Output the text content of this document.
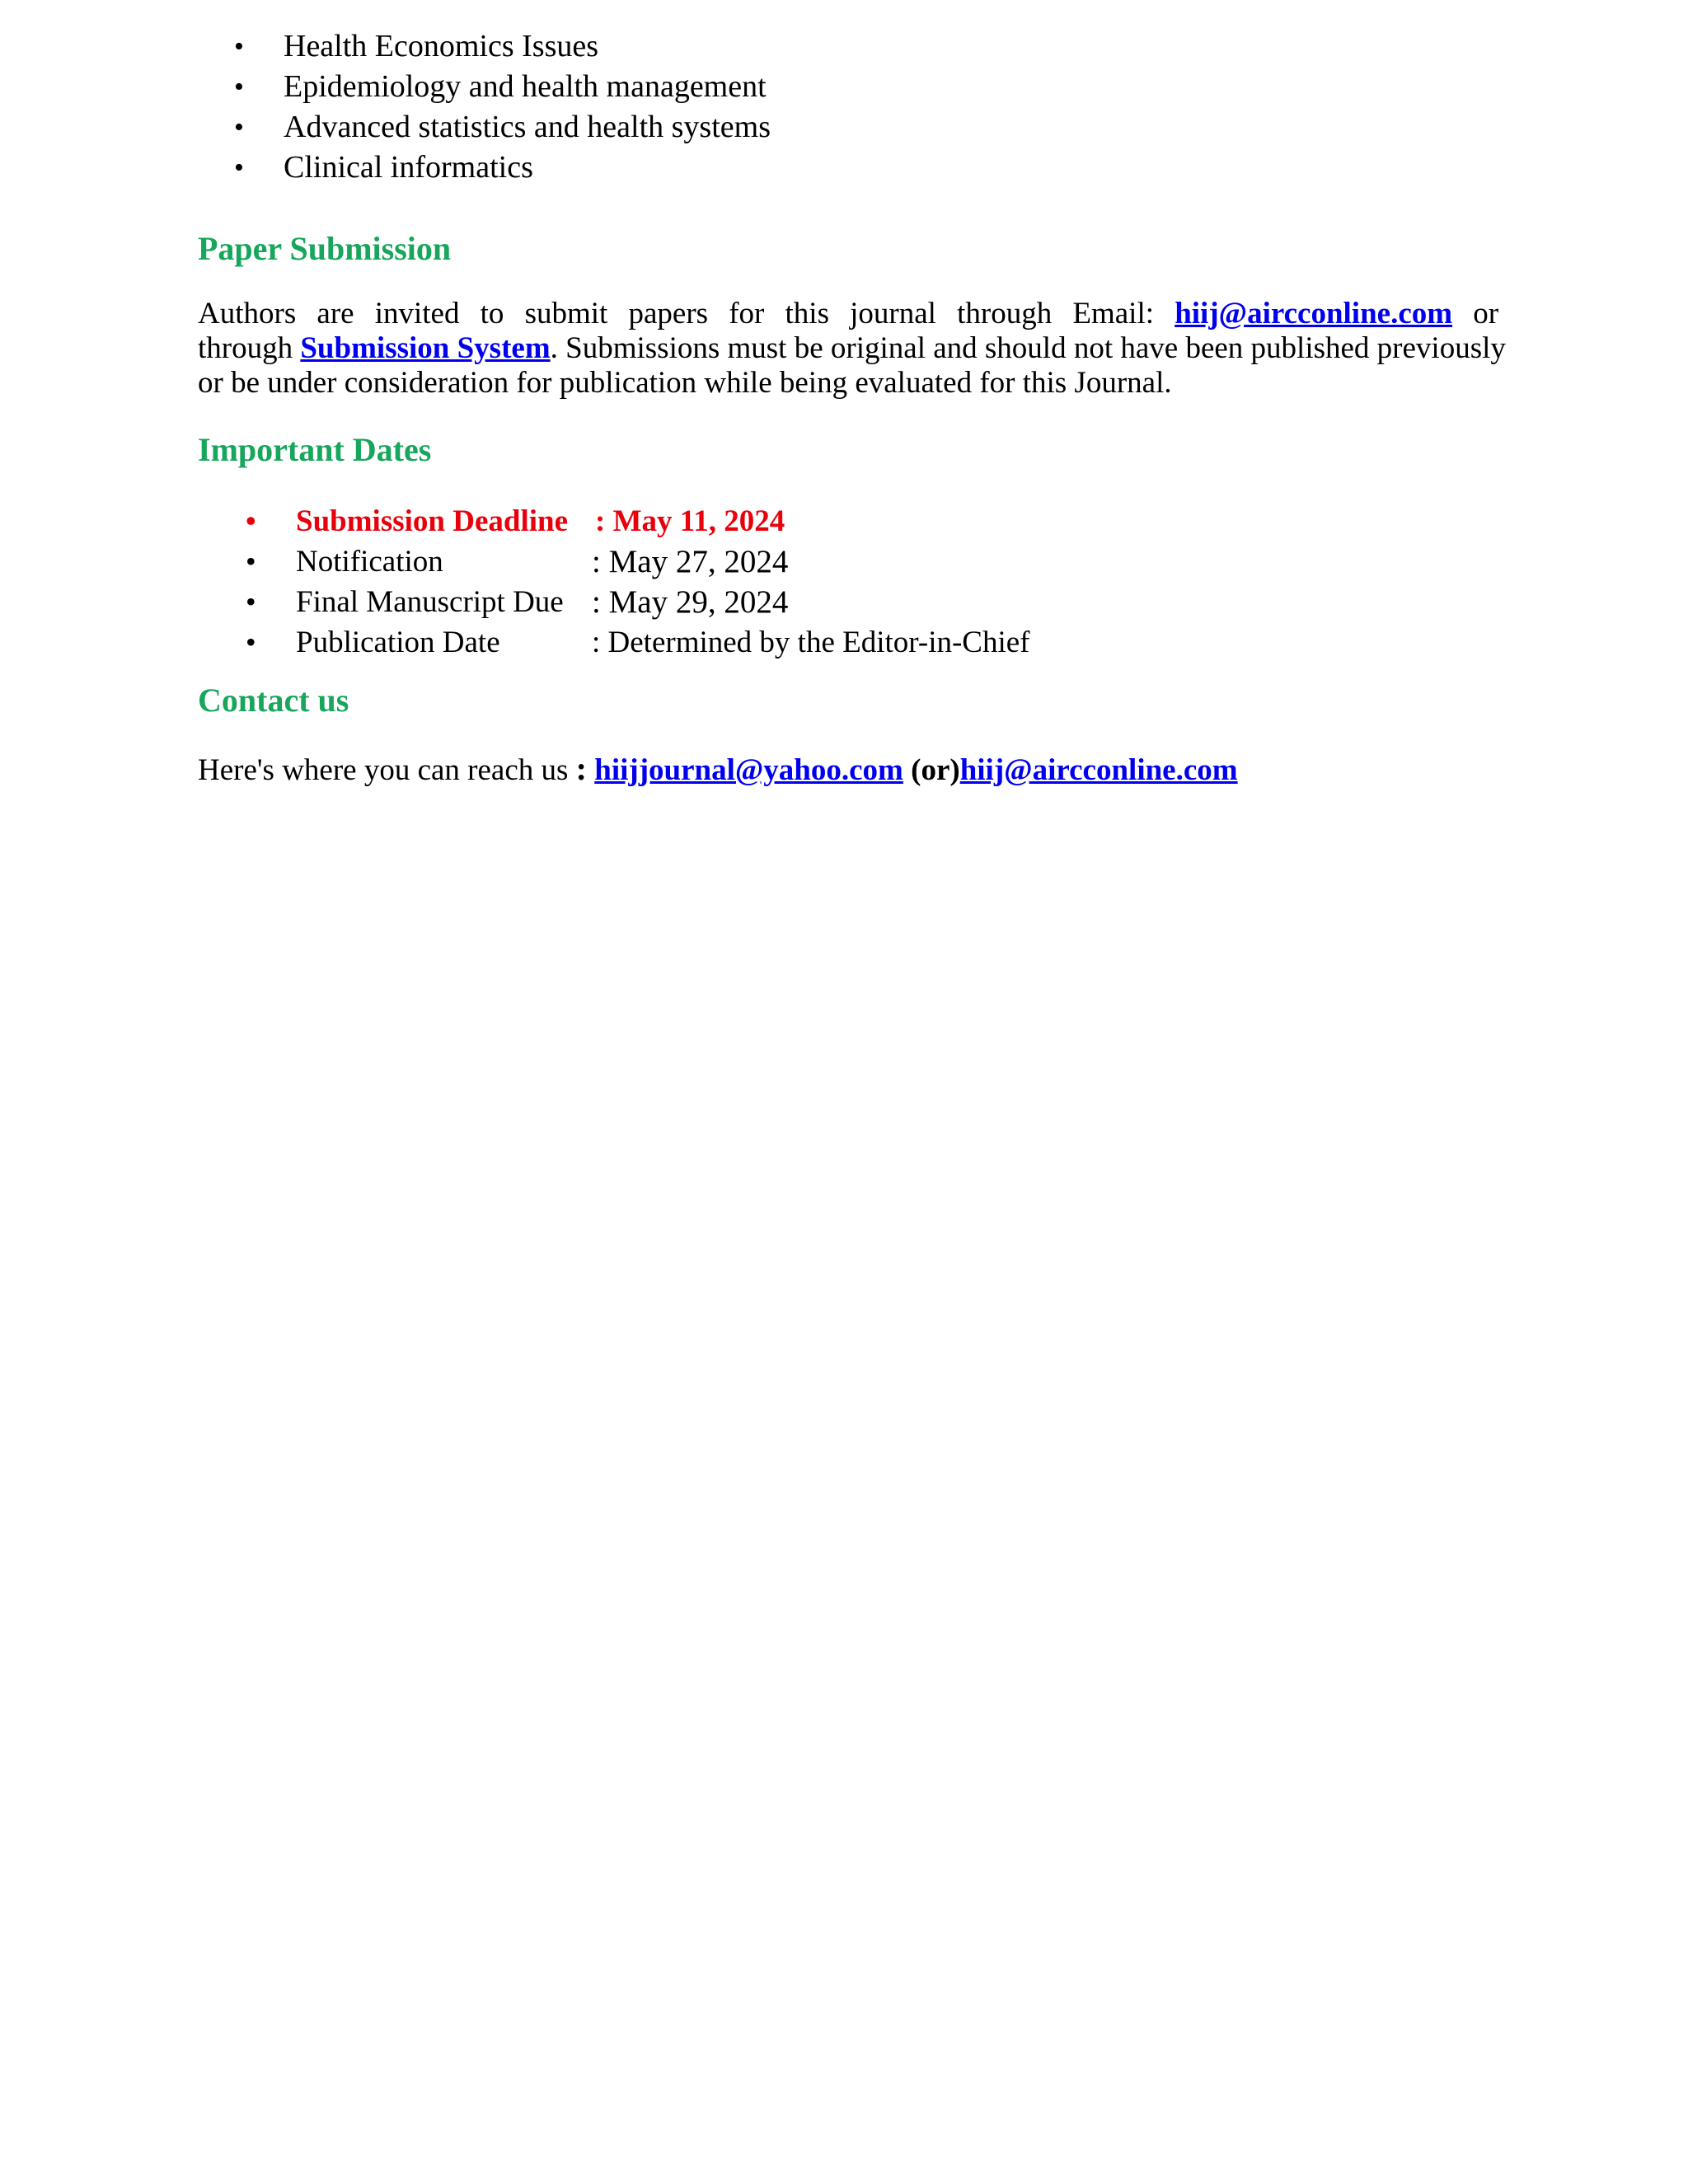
• Health Economics Issues
• Epidemiology and health management
• Advanced statistics and health systems
• Clinical informatics
Paper Submission
Authors are invited to submit papers for this journal through Email: hiij@aircconline.com or
through Submission System. Submissions must be original and should not have been published previously
or be under consideration for publication while being evaluated for this Journal.
Important Dates
• Submission Deadline : May 11, 2024
• Notification	: May 27, 2024
• Final Manuscript Due : May 29, 2024
• Publication Date	: Determined by the Editor-in-Chief
Contact us
Here's where you can reach us : hiijjournal@yahoo.com (or)hiij@aircconline.com
